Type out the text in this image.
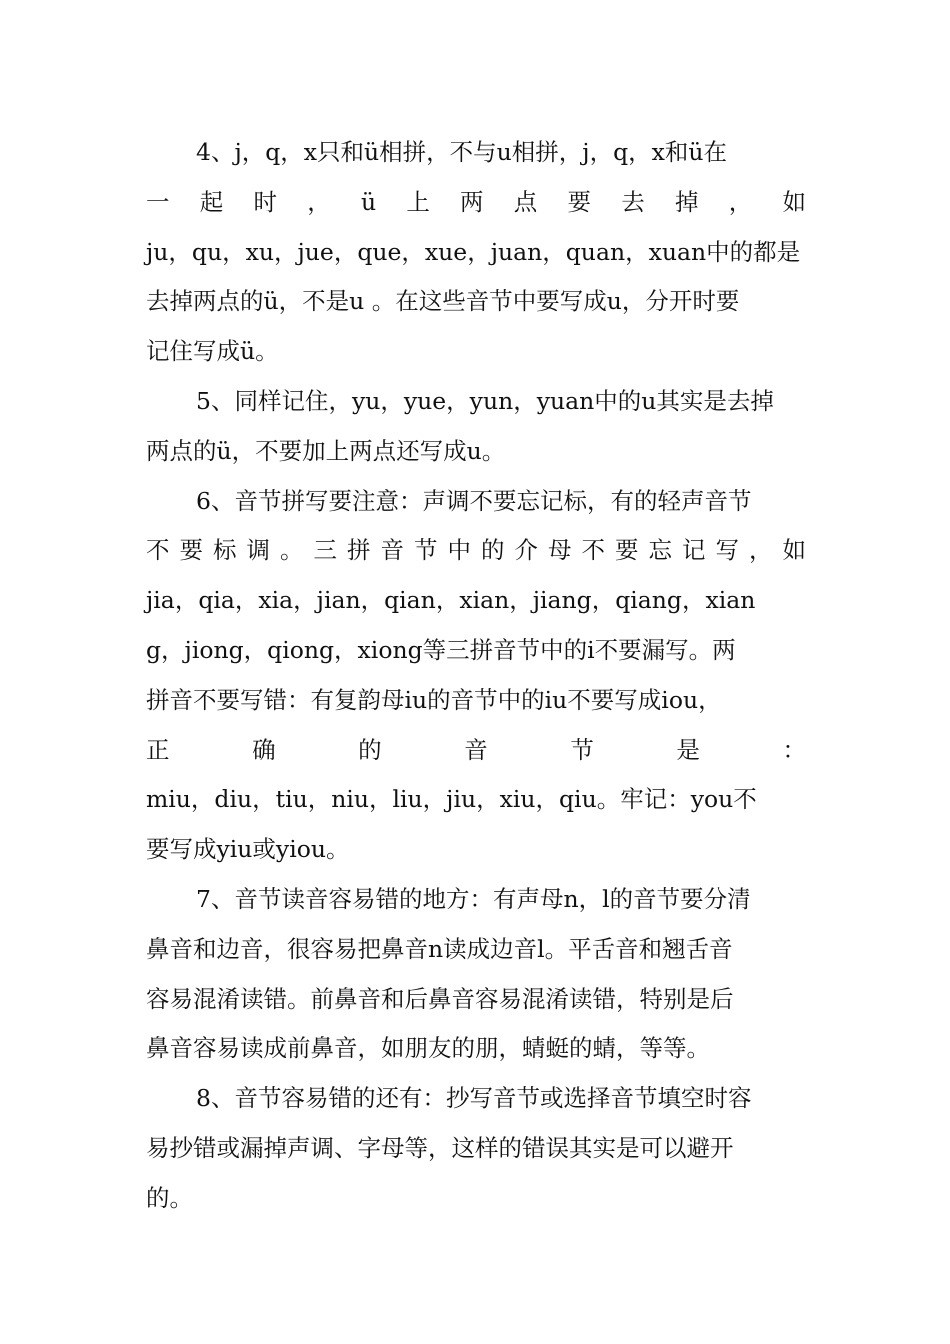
4、j，q，x只和ü相拼，不与u相拼，j，q，x和ü在
一 起 时 ， ü 上 两 点 要 去 掉 ， 如
ju，qu，xu，jue，que，xue，juan，quan，xuan中的都是
去掉两点的ü，不是u 。在这些音节中要写成u，分开时要
记住写成ü。
5、同样记住，yu，yue，yun，yuan中的u其实是去掉
两点的ü，不要加上两点还写成u。
6、音节拼写要注意：声调不要忘记标，有的轻声音节
不 要 标 调 。 三 拼 音 节 中 的 介 母 不 要 忘 记 写 ， 如
jia，qia，xia，jian，qian，xian，jiang，qiang，xian
g，jiong，qiong，xiong等三拼音节中的i不要漏写。两
拼音不要写错：有复韵母iu的音节中的iu不要写成iou，
正	确	的	音	节	是	：
miu，diu，tiu，niu，liu，jiu，xiu，qiu。牢记：you不
要写成yiu或yiou。
7、音节读音容易错的地方：有声母n，l的音节要分清
鼻音和边音，很容易把鼻音n读成边音l。平舌音和翘舌音
容易混淆读错。前鼻音和后鼻音容易混淆读错，特别是后
鼻音容易读成前鼻音，如朋友的朋，蜻蜓的蜻，等等。
8、音节容易错的还有：抄写音节或选择音节填空时容
易抄错或漏掉声调、字母等，这样的错误其实是可以避开
的。
